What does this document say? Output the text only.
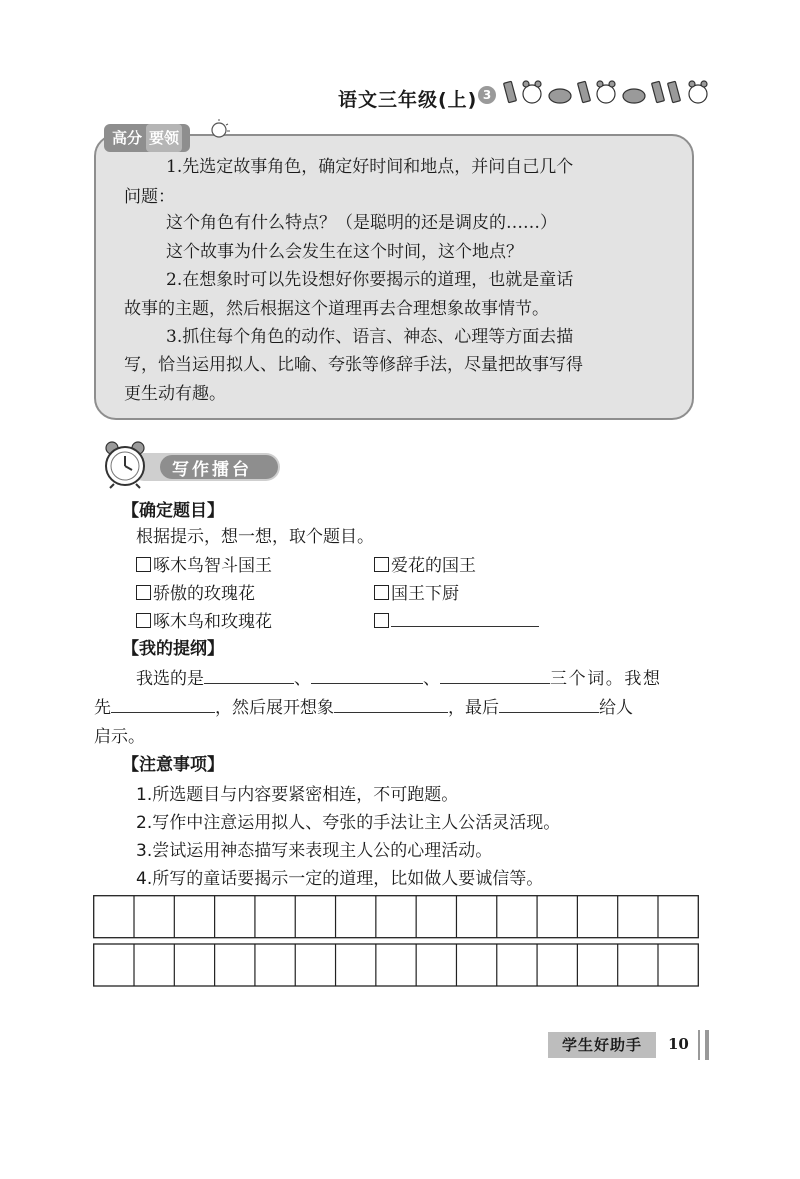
语文三年级(上) 3
高分 要领
1.先选定故事角色，确定好时间和地点，并问自己几个
问题：
这个角色有什么特点？（是聪明的还是调皮的……）
这个故事为什么会发生在这个时间，这个地点？
2.在想象时可以先设想好你要揭示的道理，也就是童话
故事的主题，然后根据这个道理再去合理想象故事情节。
3.抓住每个角色的动作、语言、神态、心理等方面去描
写，恰当运用拟人、比喻、夸张等修辞手法，尽量把故事写得
更生动有趣。
写作擂台
【确定题目】
根据提示，想一想，取个题目。
啄木鸟智斗国王	爱花的国王
骄傲的玫瑰花	国王下厨
啄木鸟和玫瑰花
【我的提纲】
我选的是	、	、	三个词。我想
先	，然后展开想象	，最后	给人
启示。
【注意事项】
1.所选题目与内容要紧密相连，不可跑题。
2.写作中注意运用拟人、夸张的手法让主人公活灵活现。
3.尝试运用神态描写来表现主人公的心理活动。
4.所写的童话要揭示一定的道理，比如做人要诚信等。
学生好助手	10
